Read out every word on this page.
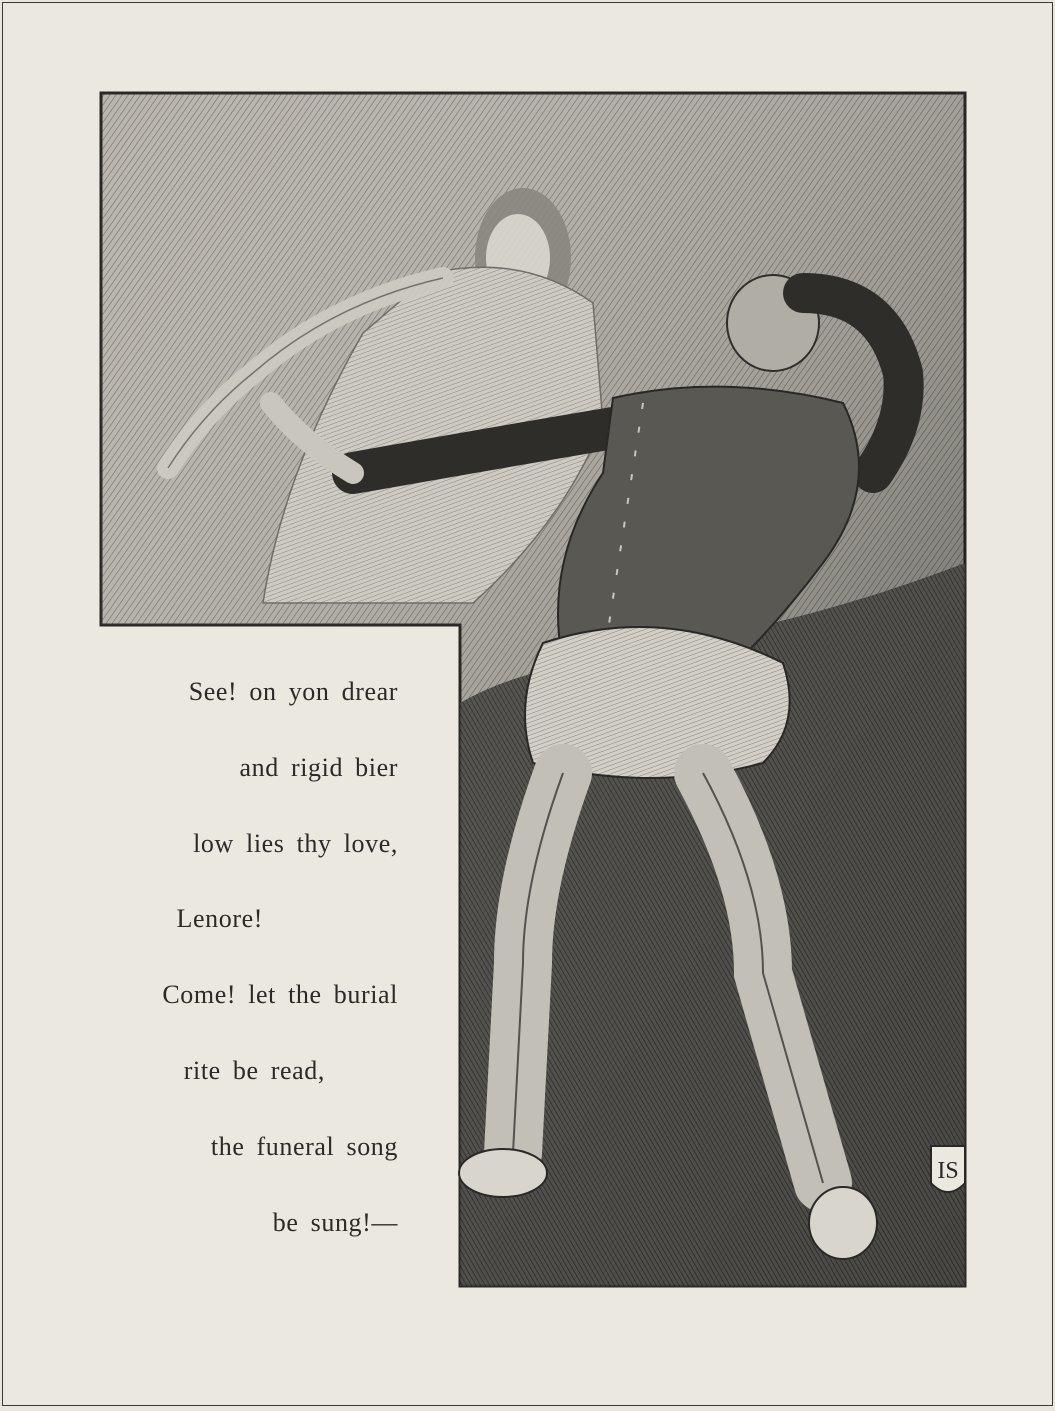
IS
See! on yon drear
and rigid bier
low lies thy love,
Lenore!
Come! let the burial
rite be read,
the funeral song
be sung!—
